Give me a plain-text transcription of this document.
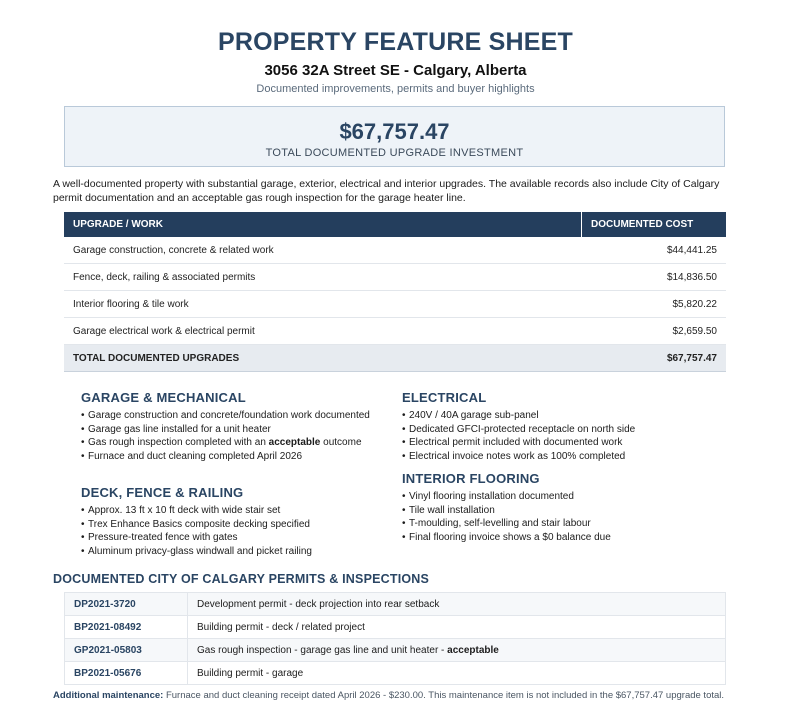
PROPERTY FEATURE SHEET
3056 32A Street SE - Calgary, Alberta
Documented improvements, permits and buyer highlights
$67,757.47
TOTAL DOCUMENTED UPGRADE INVESTMENT
A well-documented property with substantial garage, exterior, electrical and interior upgrades. The available records also include City of Calgary permit documentation and an acceptable gas rough inspection for the garage heater line.
UPGRADE / WORK	DOCUMENTED COST
Garage construction, concrete & related work	$44,441.25
Fence, deck, railing & associated permits	$14,836.50
Interior flooring & tile work	$5,820.22
Garage electrical work & electrical permit	$2,659.50
TOTAL DOCUMENTED UPGRADES	$67,757.47
GARAGE & MECHANICAL
• Garage construction and concrete/foundation work documented
• Garage gas line installed for a unit heater
• Gas rough inspection completed with an acceptable outcome
• Furnace and duct cleaning completed April 2026
DECK, FENCE & RAILING
• Approx. 13 ft x 10 ft deck with wide stair set
• Trex Enhance Basics composite decking specified
• Pressure-treated fence with gates
• Aluminum privacy-glass windwall and picket railing
ELECTRICAL
• 240V / 40A garage sub-panel
• Dedicated GFCI-protected receptacle on north side
• Electrical permit included with documented work
• Electrical invoice notes work as 100% completed
INTERIOR FLOORING
• Vinyl flooring installation documented
• Tile wall installation
• T-moulding, self-levelling and stair labour
• Final flooring invoice shows a $0 balance due
DOCUMENTED CITY OF CALGARY PERMITS & INSPECTIONS
DP2021-3720	Development permit - deck projection into rear setback
BP2021-08492	Building permit - deck / related project
GP2021-05803	Gas rough inspection - garage gas line and unit heater - acceptable
BP2021-05676	Building permit - garage
Additional maintenance: Furnace and duct cleaning receipt dated April 2026 - $230.00. This maintenance item is not included in the $67,757.47 upgrade total.
